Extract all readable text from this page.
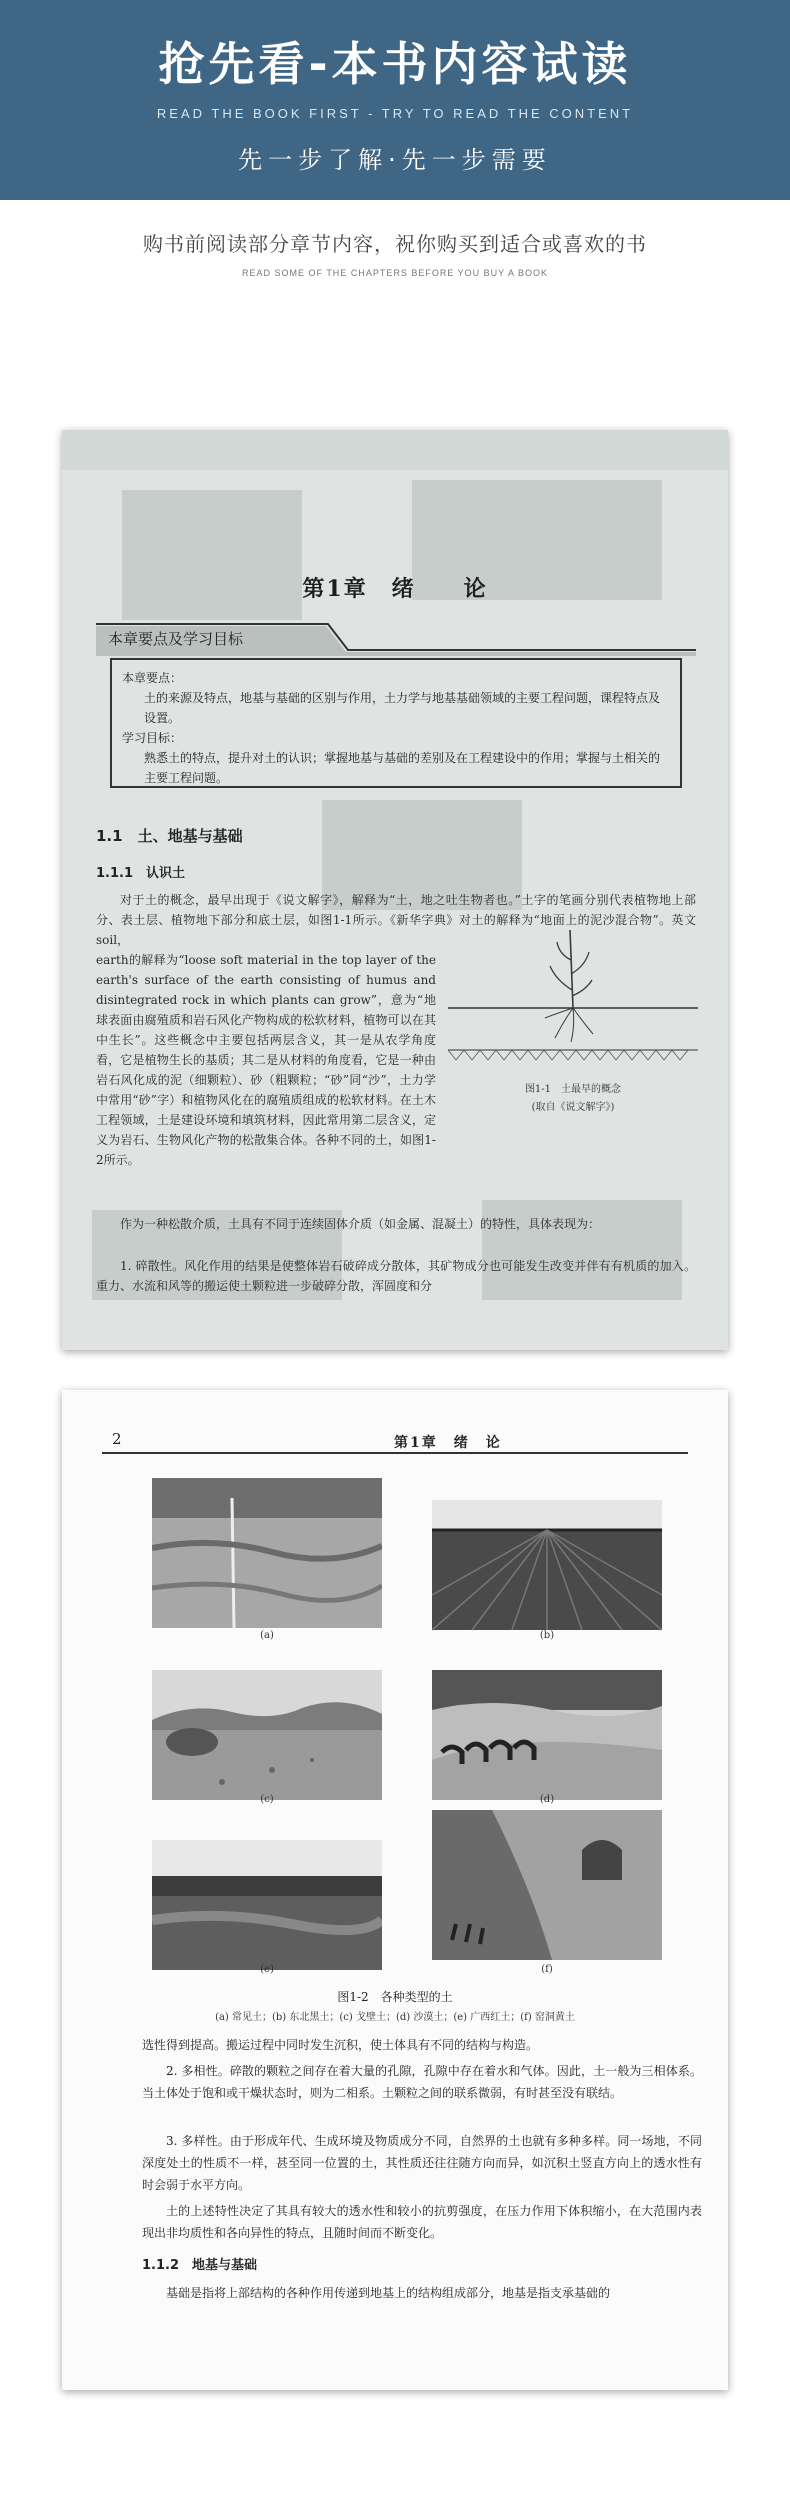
抢先看-本书内容试读
READ THE BOOK FIRST - TRY TO READ THE CONTENT
先一步了解·先一步需要
购书前阅读部分章节内容，祝你购买到适合或喜欢的书
READ SOME OF THE CHAPTERS BEFORE YOU BUY A BOOK
第1章　绪　　论
本章要点及学习目标

本章要点：

土的来源及特点，地基与基础的区别与作用，土力学与地基基础领域的主要工程问题，课程特点及设置。

学习目标：

熟悉土的特点，提升对土的认识；掌握地基与基础的差别及在工程建设中的作用；掌握与土相关的主要工程问题。

1.1　土、地基与基础
1.1.1　认识土
对于土的概念，最早出现于《说文解字》，解释为“土，地之吐生物者也。”土字的笔画分别代表植物地上部分、表土层、植物地下部分和底土层，如图1-1所示。《新华字典》对土的解释为“地面上的泥沙混合物”。英文soil，
earth的解释为“loose soft material in the top layer of the earth's surface of the earth consisting of humus and disintegrated rock in which plants can grow”，意为“地球表面由腐殖质和岩石风化产物构成的松软材料，植物可以在其中生长”。这些概念中主要包括两层含义，其一是从农学角度看，它是植物生长的基质；其二是从材料的角度看，它是一种由岩石风化成的泥（细颗粒）、砂（粗颗粒；“砂”同“沙”，土力学中常用“砂”字）和植物风化在的腐殖质组成的松软材料。在土木工程领域，土是建设环境和填筑材料，因此常用第二层含义，定义为岩石、生物风化产物的松散集合体。各种不同的土，如图1-2所示。
图1-1　土最早的概念
(取自《说文解字》)
作为一种松散介质，土具有不同于连续固体介质（如金属、混凝土）的特性，具体表现为：
1. 碎散性。风化作用的结果是使整体岩石破碎成分散体，其矿物成分也可能发生改变并伴有有机质的加入。重力、水流和风等的搬运使土颗粒进一步破碎分散，浑圆度和分
2	第1章　绪　论
(a)	(b)
(c)	(d)
(e)	(f)
图1-2　各种类型的土
(a) 常见土；(b) 东北黑土；(c) 戈壁土；(d) 沙漠土；(e) 广西红土；(f) 窑洞黄土
选性得到提高。搬运过程中同时发生沉积，使土体具有不同的结构与构造。
2. 多相性。碎散的颗粒之间存在着大量的孔隙，孔隙中存在着水和气体。因此，土一般为三相体系。当土体处于饱和或干燥状态时，则为二相系。土颗粒之间的联系微弱，有时甚至没有联结。
3. 多样性。由于形成年代、生成环境及物质成分不同，自然界的土也就有多种多样。同一场地，不同深度处土的性质不一样，甚至同一位置的土，其性质还往往随方向而异，如沉积土竖直方向上的透水性有时会弱于水平方向。
土的上述特性决定了其具有较大的透水性和较小的抗剪强度，在压力作用下体积缩小，在大范围内表现出非均质性和各向异性的特点，且随时间而不断变化。
1.1.2　地基与基础
基础是指将上部结构的各种作用传递到地基上的结构组成部分，地基是指支承基础的
